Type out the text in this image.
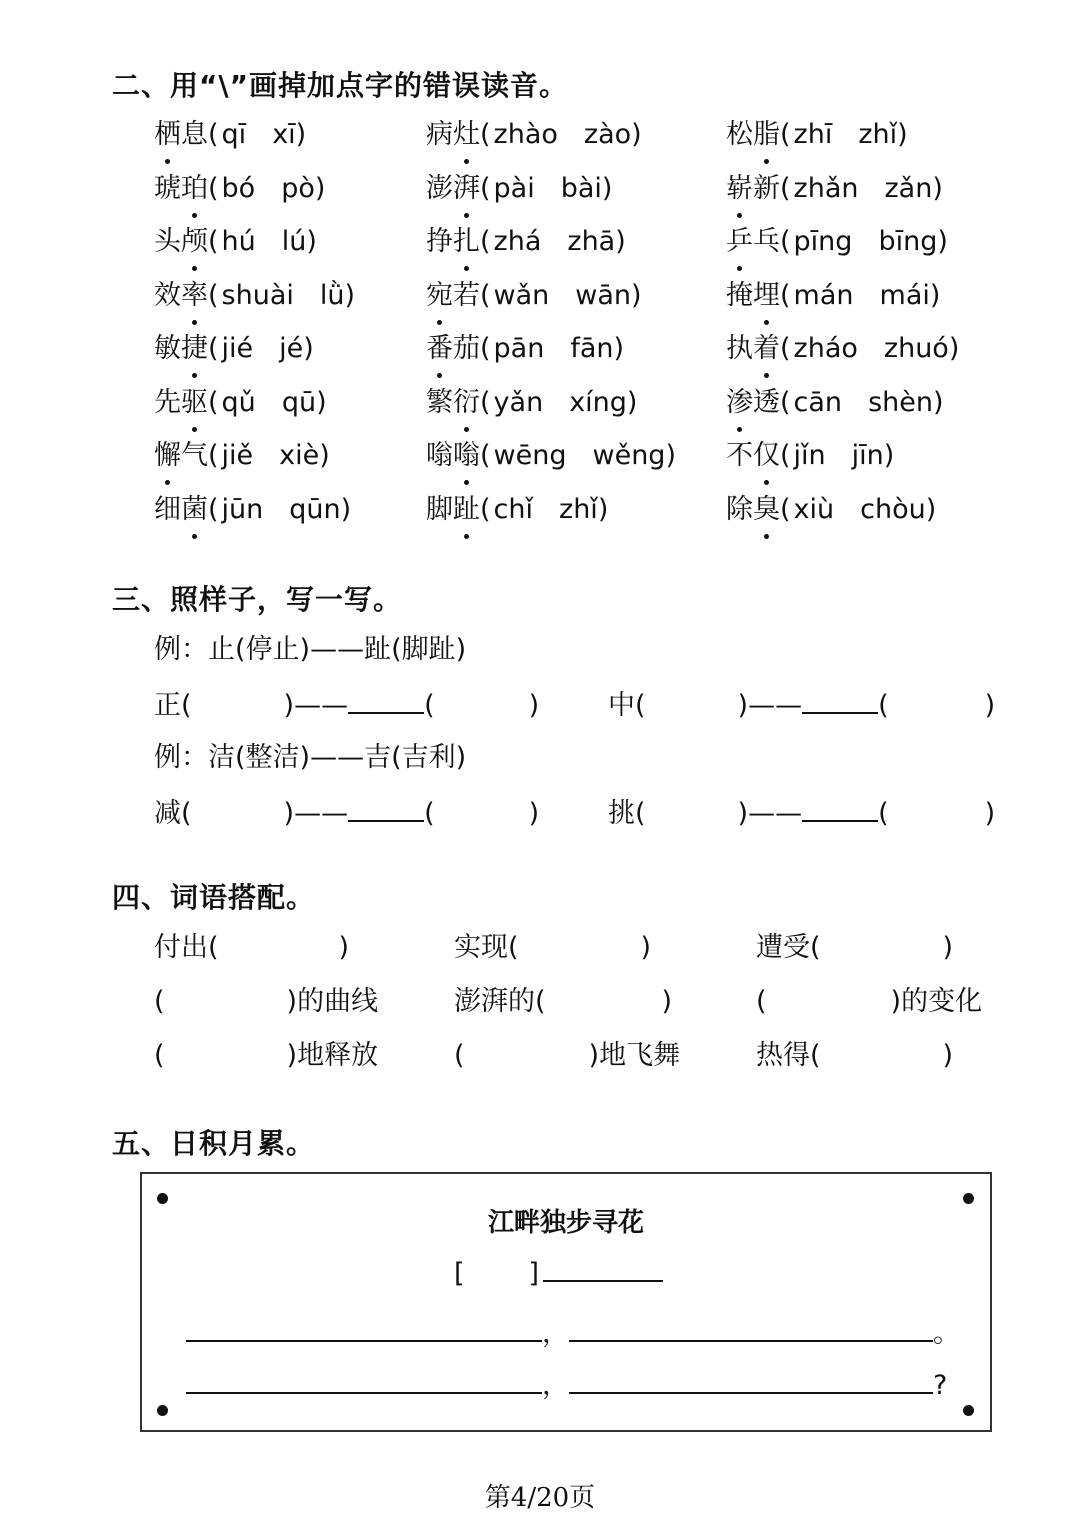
二、用“\”画掉加点字的错误读音。
栖息( qī xī)	病灶( zhào zào)	松脂( zhī zhǐ)
琥珀( bó pò)	澎湃( pài bài)	崭新( zhǎn zǎn)
头颅( hú lú)	挣扎( zhá zhā)	乒乓( pīng bīng)
效率( shuài lǜ)	宛若( wǎn wān)	掩埋( mán mái)
敏捷( jié jé)	番茄( pān fān)	执着( zháo zhuó)
先驱( qǔ qū)	繁衍( yǎn xíng)	渗透( cān shèn)
懈气( jiě xiè)	嗡嗡( wēng wěng) 不仅( jǐn jīn)
细菌( jūn qūn)	脚趾( chǐ zhǐ)	除臭( xiù chòu)
三、照样子，写一写。
例：止(停止)——趾(脚趾)
例：洁(整洁)——吉(吉利)
正(	)——	(	)	中(	)——	(	)
减(	)——	(	)	挑(	)——	(	)
四、词语搭配。
付出(	)	实现(	)	遭受(	)
(	)的曲线	澎湃的(	)	(	)的变化
(	)地释放	(	)地飞舞	热得(	)
五、日积月累。
江畔独步寻花
[ ]
，	。
，	?
第4/20页
